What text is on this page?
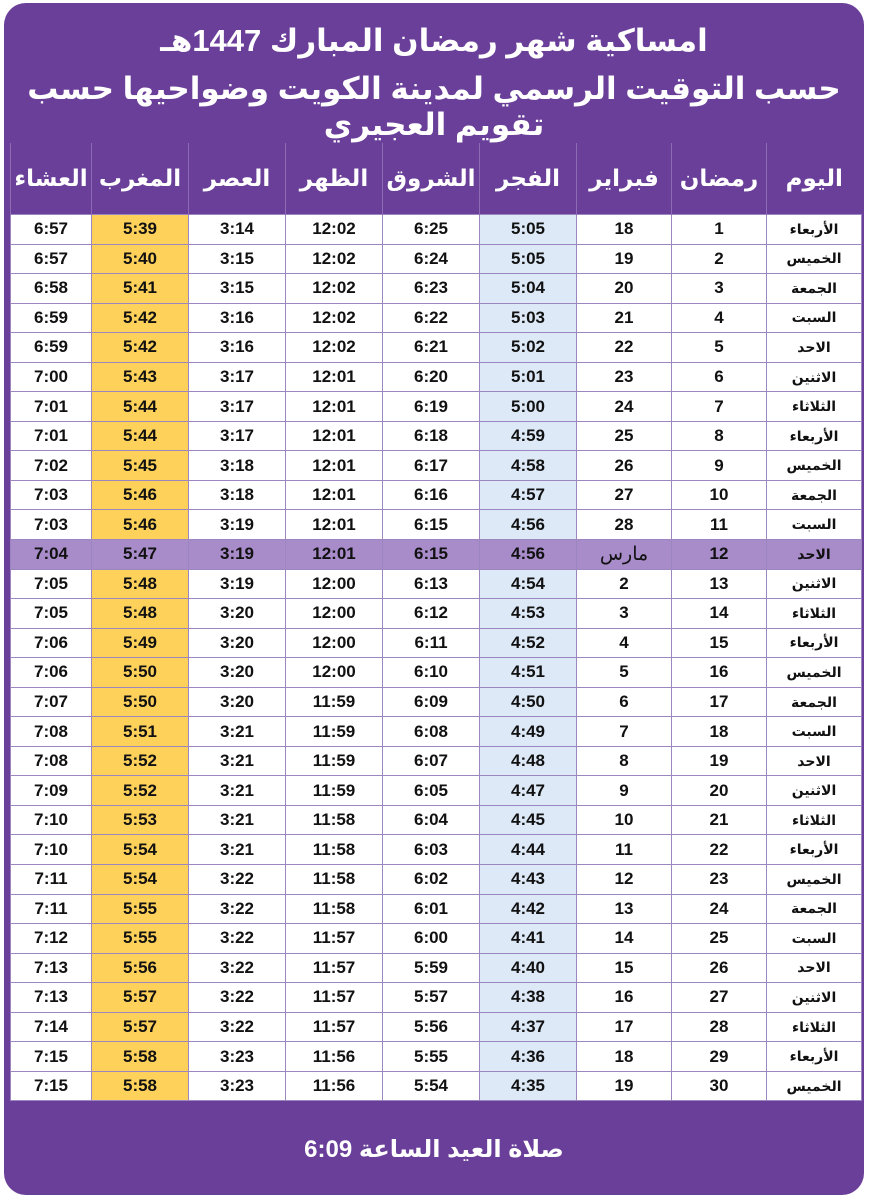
امساكية شهر رمضان المبارك 1447هـ
حسب التوقيت الرسمي لمدينة الكويت وضواحيها حسب تقويم العجيري
اليوم	رمضان	فبراير	الفجر	الشروق	الظهر	العصر	المغرب	العشاء
الأربعاء	1	18	5:05	6:25	12:02	3:14	5:39	6:57
الخميس	2	19	5:05	6:24	12:02	3:15	5:40	6:57
الجمعة	3	20	5:04	6:23	12:02	3:15	5:41	6:58
السبت	4	21	5:03	6:22	12:02	3:16	5:42	6:59
الاحد	5	22	5:02	6:21	12:02	3:16	5:42	6:59
الاثنين	6	23	5:01	6:20	12:01	3:17	5:43	7:00
الثلاثاء	7	24	5:00	6:19	12:01	3:17	5:44	7:01
الأربعاء	8	25	4:59	6:18	12:01	3:17	5:44	7:01
الخميس	9	26	4:58	6:17	12:01	3:18	5:45	7:02
الجمعة	10	27	4:57	6:16	12:01	3:18	5:46	7:03
السبت	11	28	4:56	6:15	12:01	3:19	5:46	7:03
الاحد	12	مارس	4:56	6:15	12:01	3:19	5:47	7:04
الاثنين	13	2	4:54	6:13	12:00	3:19	5:48	7:05
الثلاثاء	14	3	4:53	6:12	12:00	3:20	5:48	7:05
الأربعاء	15	4	4:52	6:11	12:00	3:20	5:49	7:06
الخميس	16	5	4:51	6:10	12:00	3:20	5:50	7:06
الجمعة	17	6	4:50	6:09	11:59	3:20	5:50	7:07
السبت	18	7	4:49	6:08	11:59	3:21	5:51	7:08
الاحد	19	8	4:48	6:07	11:59	3:21	5:52	7:08
الاثنين	20	9	4:47	6:05	11:59	3:21	5:52	7:09
الثلاثاء	21	10	4:45	6:04	11:58	3:21	5:53	7:10
الأربعاء	22	11	4:44	6:03	11:58	3:21	5:54	7:10
الخميس	23	12	4:43	6:02	11:58	3:22	5:54	7:11
الجمعة	24	13	4:42	6:01	11:58	3:22	5:55	7:11
السبت	25	14	4:41	6:00	11:57	3:22	5:55	7:12
الاحد	26	15	4:40	5:59	11:57	3:22	5:56	7:13
الاثنين	27	16	4:38	5:57	11:57	3:22	5:57	7:13
الثلاثاء	28	17	4:37	5:56	11:57	3:22	5:57	7:14
الأربعاء	29	18	4:36	5:55	11:56	3:23	5:58	7:15
الخميس	30	19	4:35	5:54	11:56	3:23	5:58	7:15
صلاة العيد الساعة 6:09
